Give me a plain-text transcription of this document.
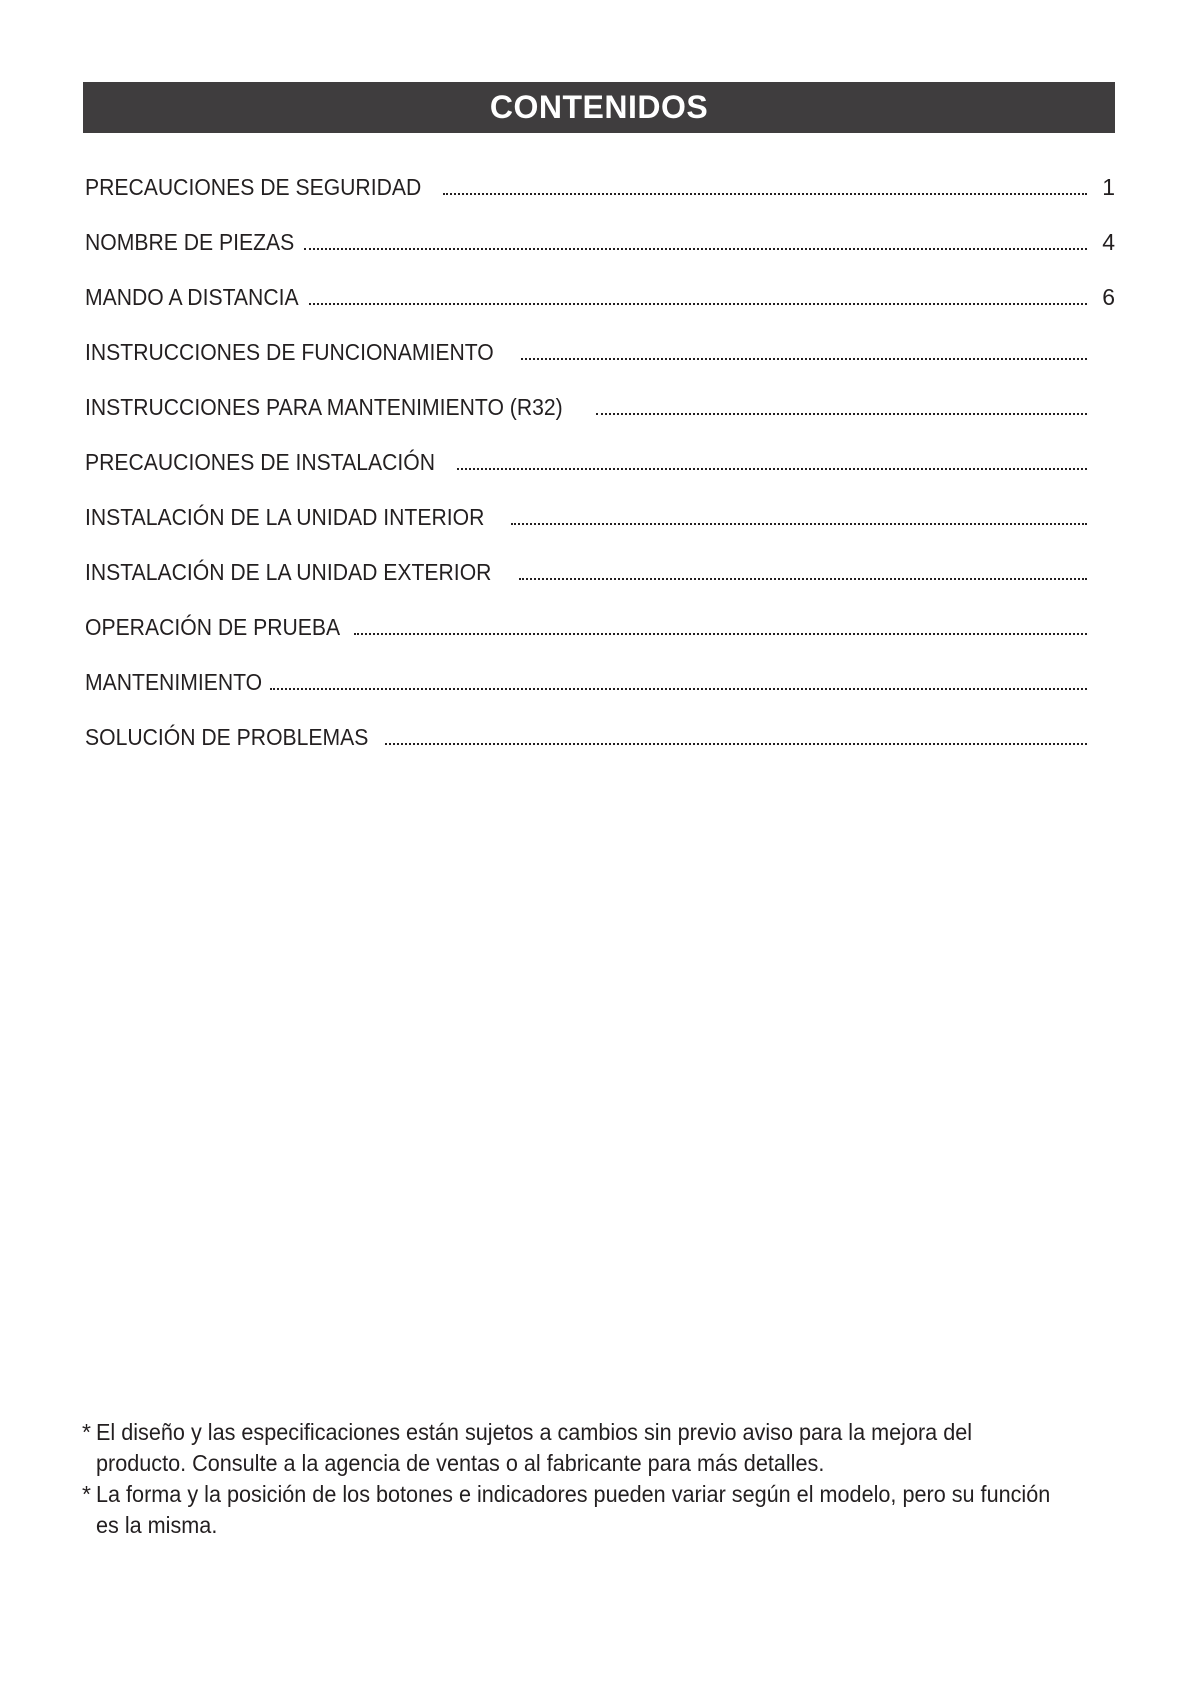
CONTENIDOS
PRECAUCIONES DE SEGURIDAD	1
NOMBRE DE PIEZAS	4
MANDO A DISTANCIA	6
INSTRUCCIONES DE FUNCIONAMIENTO
INSTRUCCIONES PARA MANTENIMIENTO (R32)
PRECAUCIONES DE INSTALACIÓN
INSTALACIÓN DE LA UNIDAD INTERIOR
INSTALACIÓN DE LA UNIDAD EXTERIOR
OPERACIÓN DE PRUEBA
MANTENIMIENTO
SOLUCIÓN DE PROBLEMAS
* El diseño y las especificaciones están sujetos a cambios sin previo aviso para la mejora del producto. Consulte a la agencia de ventas o al fabricante para más detalles.
* La forma y la posición de los botones e indicadores pueden variar según el modelo, pero su función es la misma.
